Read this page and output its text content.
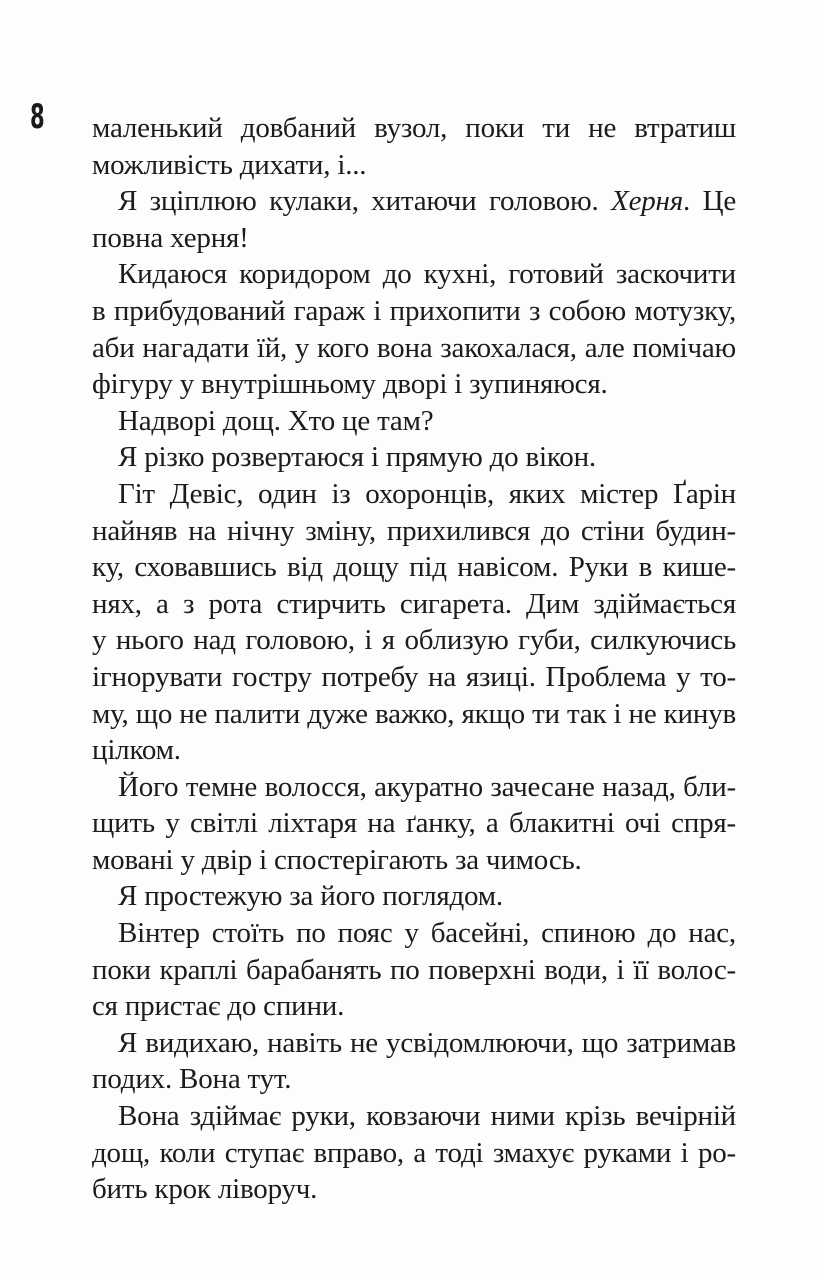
8 маленький довбаний вузол, поки ти не втратиш
можливість дихати, і...
Я зціплюю кулаки, хитаючи головою. Херня. Це
повна херня!
Кидаюся коридором до кухні, готовий заскочити
в прибудований гараж і прихопити з собою мотузку,
аби нагадати їй, у кого вона закохалася, але помічаю
фігуру у внутрішньому дворі і зупиняюся.
Надворі дощ. Хто це там?
Я різко розвертаюся і прямую до вікон.
Гіт Девіс, один із охоронців, яких містер Ґарін
найняв на нічну зміну, прихилився до стіни будин-
ку, сховавшись від дощу під навісом. Руки в кише-
нях, а з рота стирчить сигарета. Дим здіймається
у нього над головою, і я облизую губи, силкуючись
ігнорувати гостру потребу на язиці. Проблема у то-
му, що не палити дуже важко, якщо ти так і не кинув
цілком.
Його темне волосся, акуратно зачесане назад, бли-
щить у світлі ліхтаря на ґанку, а блакитні очі спря-
мовані у двір і спостерігають за чимось.
Я простежую за його поглядом.
Вінтер стоїть по пояс у басейні, спиною до нас,
поки краплі барабанять по поверхні води, і її волос-
ся пристає до спини.
Я видихаю, навіть не усвідомлюючи, що затримав
подих. Вона тут.
Вона здіймає руки, ковзаючи ними крізь вечірній
дощ, коли ступає вправо, а тоді змахує руками і ро-
бить крок ліворуч.
